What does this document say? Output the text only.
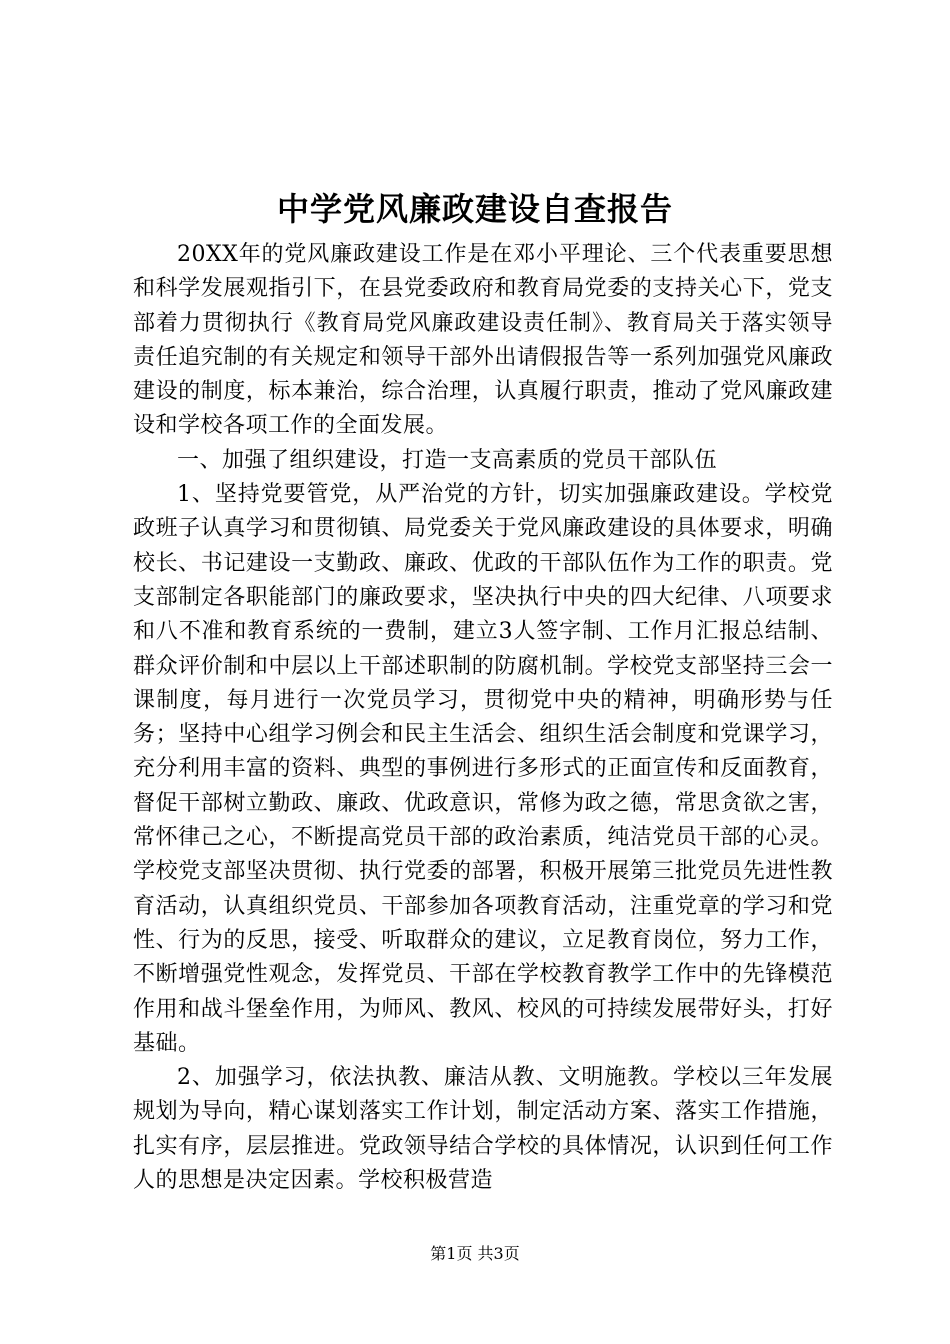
中学党风廉政建设自查报告

20XX年的党风廉政建设工作是在邓小平理论、三个代表重要思想和科学发展观指引下，在县党委政府和教育局党委的支持关心下，党支部着力贯彻执行《教育局党风廉政建设责任制》、教育局关于落实领导责任追究制的有关规定和领导干部外出请假报告等一系列加强党风廉政建设的制度，标本兼治，综合治理，认真履行职责，推动了党风廉政建设和学校各项工作的全面发展。

一、加强了组织建设，打造一支高素质的党员干部队伍

1、坚持党要管党，从严治党的方针，切实加强廉政建设。学校党政班子认真学习和贯彻镇、局党委关于党风廉政建设的具体要求，明确校长、书记建设一支勤政、廉政、优政的干部队伍作为工作的职责。党支部制定各职能部门的廉政要求，坚决执行中央的四大纪律、八项要求和八不准和教育系统的一费制，建立3人签字制、工作月汇报总结制、群众评价制和中层以上干部述职制的防腐机制。学校党支部坚持三会一课制度，每月进行一次党员学习，贯彻党中央的精神，明确形势与任务；坚持中心组学习例会和民主生活会、组织生活会制度和党课学习，充分利用丰富的资料、典型的事例进行多形式的正面宣传和反面教育，督促干部树立勤政、廉政、优政意识，常修为政之德，常思贪欲之害，常怀律己之心，不断提高党员干部的政治素质，纯洁党员干部的心灵。学校党支部坚决贯彻、执行党委的部署，积极开展第三批党员先进性教育活动，认真组织党员、干部参加各项教育活动，注重党章的学习和党性、行为的反思，接受、听取群众的建议，立足教育岗位，努力工作，不断增强党性观念，发挥党员、干部在学校教育教学工作中的先锋模范作用和战斗堡垒作用，为师风、教风、校风的可持续发展带好头，打好基础。

2、加强学习，依法执教、廉洁从教、文明施教。学校以三年发展规划为导向，精心谋划落实工作计划，制定活动方案、落实工作措施，扎实有序，层层推进。党政领导结合学校的具体情况，认识到任何工作人的思想是决定因素。学校积极营造

第1页 共3页
